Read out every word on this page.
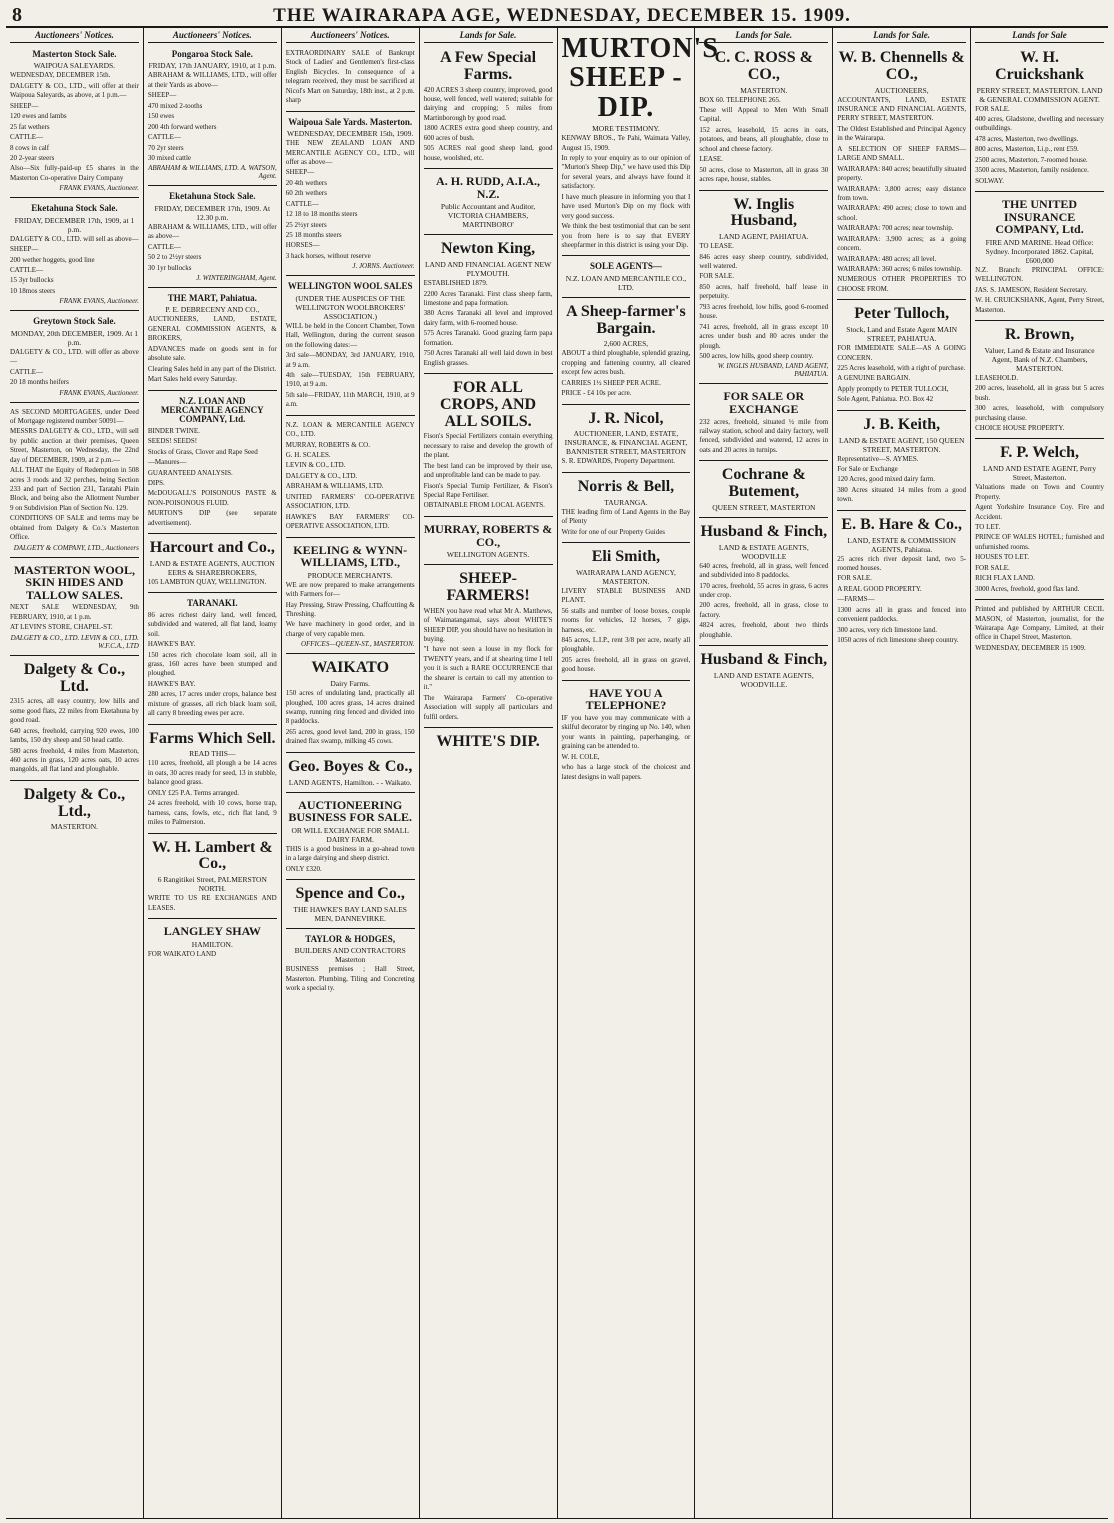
8	THE WAIRARAPA AGE, WEDNESDAY, DECEMBER 15. 1909.
Auctioneers' Notices.
Masterton Stock Sale.
WAIPOUA SALEYARDS.
WEDNESDAY, DECEMBER 15th.
DALGETY & CO., LTD., will offer at their Waipoua Saleyards, as above, at 1 p.m.—
SHEEP—
120 ewes and lambs
25 fat wethers
CATTLE—
8 cows in calf
20 2-year steers
Also—Six fully-paid-up £5 shares in the Masterton Co-operative Dairy Company
FRANK EVANS, Auctioneer.
Eketahuna Stock Sale.
FRIDAY, DECEMBER 17th, 1909, at 1 p.m.
DALGETY & CO., LTD. will sell as above—
SHEEP—
200 wether hoggets, good line
CATTLE—
15 3yr bullocks
10 18mos steers
FRANK EVANS, Auctioneer.
Greytown Stock Sale.
MONDAY, 20th DECEMBER, 1909. At 1 p.m.
DALGETY & CO., LTD. will offer as above—
CATTLE—
20 18 months heifers
FRANK EVANS, Auctioneer.
AS SECOND MORTGAGEES, under Deed of Mortgage registered number 50091—
MESSRS DALGETY & CO., LTD., will sell by public auction at their premises, Queen Street, Masterton, on Wednesday, the 22nd day of DECEMBER, 1909, at 2 p.m.—
ALL THAT the Equity of Redemption in 508 acres 3 roods and 32 perches, being Section 233 and part of Section 231, Taratahi Plain Block, and being also the Allotment Number 9 on Subdivision Plan of Section No. 129.
CONDITIONS OF SALE and terms may be obtained from Dalgety & Co.'s Masterton Office.
DALGETY & COMPANY, LTD., Auctioneers
MASTERTON WOOL, SKIN HIDES AND TALLOW SALES.
NEXT SALE WEDNESDAY, 9th FEBRUARY, 1910, at 1 p.m.
AT LEVIN'S STORE, CHAPEL-ST.
DALGETY & CO., LTD. LEVIN & CO., LTD. W.F.C.A., LTD
Dalgety & Co., Ltd.
2315 acres, all easy country, low hills and some good flats, 22 miles from Eketahuna by good road.
640 acres, freehold, carrying 920 ewes, 100 lambs, 150 dry sheep and 50 head cattle.
580 acres freehold, 4 miles from Masterton, 460 acres in grass, 120 acres oats, 10 acres mangolds, all flat land and ploughable.
Dalgety & Co., Ltd.,
MASTERTON.
Auctioneers' Notices.
Pongaroa Stock Sale.
FRIDAY, 17th JANUARY, 1910, at 1 p.m.
ABRAHAM & WILLIAMS, LTD., will offer at their Yards as above—
SHEEP—
470 mixed 2-tooths
150 ewes
200 4th forward wethers
CATTLE—
70 2yr steers
30 mixed cattle
ABRAHAM & WILLIAMS, LTD. A. WATSON, Agent.
Eketahuna Stock Sale.
FRIDAY, DECEMBER 17th, 1909. At 12.30 p.m.
ABRAHAM & WILLIAMS, LTD., will offer as above—
CATTLE—
50 2 to 2½yr steers
30 1yr bullocks
J. WINTERINGHAM, Agent.
THE MART, Pahiatua.
P. E. DEBRECENY AND CO.,
AUCTIONEERS, LAND, ESTATE, GENERAL COMMISSION AGENTS, & BROKERS,
ADVANCES made on goods sent in for absolute sale.
Clearing Sales held in any part of the District.
Mart Sales held every Saturday.
N.Z. LOAN AND MERCANTILE AGENCY COMPANY, Ltd.
BINDER TWINE.
SEEDS! SEEDS!
Stocks of Grass, Clover and Rape Seed
—Manures—
GUARANTEED ANALYSIS.
DIPS.
McDOUGALL'S POISONOUS PASTE & NON-POISONOUS FLUID.
MURTON'S DIP (see separate advertisement).
Harcourt and Co.,
LAND & ESTATE AGENTS, AUCTION EERS & SHAREBROKERS,
105 LAMBTON QUAY, WELLINGTON.
TARANAKI.
86 acres richest dairy land, well fenced, subdivided and watered, all flat land, loamy soil.
HAWKE'S BAY.
150 acres rich chocolate loam soil, all in grass, 160 acres have been stumped and ploughed.
HAWKE'S BAY.
280 acres, 17 acres under crops, balance best mixture of grasses, all rich black loam soil, all carry 8 breeding ewes per acre.
Farms Which Sell.
READ THIS—
110 acres, freehold, all plough a be 14 acres in oats, 30 acres ready for seed, 13 in stubble, balance good grass.
ONLY £25 P.A. Terms arranged.
24 acres freehold, with 10 cows, horse trap, harness, cans, fowls, etc., rich flat land, 9 miles to Palmerston.
W. H. Lambert & Co.,
6 Rangitikei Street, PALMERSTON NORTH.
WRITE TO US RE EXCHANGES AND LEASES.
LANGLEY SHAW
HAMILTON.
FOR WAIKATO LAND
Auctioneers' Notices.
EXTRAORDINARY SALE of Bankrupt Stock of Ladies' and Gentlemen's first-class English Bicycles. In consequence of a telegram received, they must be sacrificed at Nicol's Mart on Saturday, 18th inst., at 2 p.m. sharp
Waipoua Sale Yards. Masterton.
WEDNESDAY, DECEMBER 15th, 1909.
THE NEW ZEALAND LOAN AND MERCANTILE AGENCY CO., LTD., will offer as above—
SHEEP—
20 4th wethers
60 2th wethers
CATTLE—
12 18 to 18 months steers
25 2½yr steers
25 18 months steers
HORSES—
3 hack horses, without reserve
J. JORNS. Auctioneer.
WELLINGTON WOOL SALES
(UNDER THE AUSPICES OF THE WELLINGTON WOOLBROKERS' ASSOCIATION.)
WILL be held in the Concert Chamber, Town Hall, Wellington, during the current season on the following dates:—
3rd sale—MONDAY, 3rd JANUARY, 1910, at 9 a.m.
4th sale—TUESDAY, 15th FEBRUARY, 1910, at 9 a.m.
5th sale—FRIDAY, 11th MARCH, 1910, at 9 a.m.
N.Z. LOAN & MERCANTILE AGENCY CO., LTD.
MURRAY, ROBERTS & CO.
G. H. SCALES.
LEVIN & CO., LTD.
DALGETY & CO., LTD.
ABRAHAM & WILLIAMS, LTD.
UNITED FARMERS' CO-OPERATIVE ASSOCIATION, LTD.
HAWKE'S BAY FARMERS' CO-OPERATIVE ASSOCIATION, LTD.
KEELING & WYNN-WILLIAMS, LTD.,
PRODUCE MERCHANTS.
WE are now prepared to make arrangements with Farmers for—
Hay Pressing, Straw Pressing, Chaffcutting & Threshing.
We have machinery in good order, and in charge of very capable men.
OFFICES—QUEEN-ST., MASTERTON.
WAIKATO
Dairy Farms.
150 acres of undulating land, practically all ploughed, 100 acres grass, 14 acres drained swamp, running ring fenced and divided into 8 paddocks.
265 acres, good level land, 200 in grass, 150 drained flax swamp, milking 45 cows.
Geo. Boyes & Co.,
LAND AGENTS, Hamilton. - - Waikato.
AUCTIONEERING BUSINESS FOR SALE.
OR WILL EXCHANGE FOR SMALL DAIRY FARM.
THIS is a good business in a go-ahead town in a large dairying and sheep district.
ONLY £320.
Spence and Co.,
THE HAWKE'S BAY LAND SALES MEN, DANNEVIRKE.
TAYLOR & HODGES,
BUILDERS AND CONTRACTORS Masterton
BUSINESS premises ; Hall Street, Masterton. Plumbing, Tiling and Concreting work a special ty.
Lands for Sale.
A Few Special Farms.
420 ACRES 3 sheep country, improved, good house, well fenced, well watered; suitable for dairying and cropping; 5 miles from Martinborough by good road.
1800 ACRES extra good sheep country, and 600 acres of bush.
505 ACRES real good sheep land, good house, woolshed, etc.
A. H. RUDD, A.I.A., N.Z.
Public Accountant and Auditor, VICTORIA CHAMBERS, MARTINBORO'
Newton King,
LAND AND FINANCIAL AGENT NEW PLYMOUTH.
ESTABLISHED 1879.
2200 Acres Taranaki. First class sheep farm, limestone and papa formation.
380 Acres Taranaki all level and improved dairy farm, with 6-roomed house.
575 Acres Taranaki. Good grazing farm papa formation.
750 Acres Taranaki all well laid down in best English grasses.
FOR ALL CROPS, AND ALL SOILS.
Fison's Special Fertilizers contain everything necessary to raise and develop the growth of the plant.
The best land can be improved by their use, and unprofitable land can be made to pay.
Fison's Special Turnip Fertilizer, & Fison's Special Rape Fertiliser.
OBTAINABLE FROM LOCAL AGENTS.
MURRAY, ROBERTS & CO.,
WELLINGTON AGENTS.
SHEEP-FARMERS!
WHEN you have read what Mr A. Matthews, of Waimatangamai, says about WHITE'S SHEEP DIP, you should have no hesitation in buying.
"I have not seen a louse in my flock for TWENTY years, and if at shearing time I tell you it is such a RARE OCCURRENCE that the shearer is certain to call my attention to it."
The Wairarapa Farmers' Co-operative Association will supply all particulars and fulfil orders.
WHITE'S DIP.
MURTON'S SHEEP - DIP.
MORE TESTIMONY.
KENWAY BROS., Te Pahi, Waimata Valley, August 15, 1909.
In reply to your enquiry as to our opinion of "Murton's Sheep Dip," we have used this Dip for several years, and always have found it satisfactory.
I have much pleasure in informing you that I have used Murton's Dip on my flock with very good success.
We think the best testimonial that can be sent you from here is to say that EVERY sheepfarmer in this district is using your Dip.
SOLE AGENTS—
N.Z. LOAN AND MERCANTILE CO., LTD.
A Sheep-farmer's Bargain.
2,600 ACRES,
ABOUT a third ploughable, splendid grazing, cropping and fattening country, all cleared except few acres bush.
CARRIES 1½ SHEEP PER ACRE.
PRICE - £4 10s per acre.
J. R. Nicol,
AUCTIONEER, LAND, ESTATE, INSURANCE, & FINANCIAL AGENT, BANNISTER STREET, MASTERTON
S. R. EDWARDS, Property Department.
Norris & Bell,
TAURANGA.
THE leading firm of Land Agents in the Bay of Plenty
Write for one of our Property Guides
Eli Smith,
WAIRARAPA LAND AGENCY, MASTERTON.
LIVERY STABLE BUSINESS AND PLANT.
56 stalls and number of loose boxes, couple rooms for vehicles, 12 horses, 7 gigs, harness, etc.
845 acres, L.I.P., rent 3/8 per acre, nearly all ploughable.
205 acres freehold, all in grass on gravel, good house.
HAVE YOU A TELEPHONE?
IF you have you may communicate with a skilful decorator by ringing up No. 140, when your wants in painting, paperhanging, or graining can be attended to.
W. H. COLE,
who has a large stock of the choicest and latest designs in wall papers.
Lands for Sale.
C. C. ROSS & CO.,
MASTERTON.
BOX 60. TELEPHONE 265.
These will Appeal to Men With Small Capital.
152 acres, leasehold, 15 acres in oats, potatoes, and beans, all ploughable, close to school and cheese factory.
LEASE.
50 acres, close to Masterton, all in grass 30 acres rape, house, stables.
W. Inglis Husband,
LAND AGENT, PAHIATUA.
TO LEASE.
846 acres easy sheep country, subdivided, well watered.
FOR SALE.
850 acres, half freehold, half lease in perpetuity.
793 acres freehold, low hills, good 6-roomed house.
741 acres, freehold, all in grass except 10 acres under bush and 80 acres under the plough.
500 acres, low hills, good sheep country.
W. INGLIS HUSBAND, LAND AGENT, PAHIATUA.
FOR SALE OR EXCHANGE
232 acres, freehold, situated ½ mile from railway station, school and dairy factory, well fenced, subdivided and watered, 12 acres in oats and 20 acres in turnips.
Cochrane & Butement,
QUEEN STREET, MASTERTON
Husband & Finch,
LAND & ESTATE AGENTS, WOODVILLE
640 acres, freehold, all in grass, well fenced and subdivided into 8 paddocks.
170 acres, freehold, 55 acres in grass, 6 acres under crop.
200 acres, freehold, all in grass, close to factory.
4824 acres, freehold, about two thirds ploughable.
Husband & Finch,
LAND AND ESTATE AGENTS, WOODVILLE.
Lands for Sale.
W. B. Chennells & CO.,
AUCTIONEERS,
ACCOUNTANTS, LAND, ESTATE INSURANCE AND FINANCIAL AGENTS, PERRY STREET, MASTERTON.
The Oldest Established and Principal Agency in the Wairarapa.
A SELECTION OF SHEEP FARMS—LARGE AND SMALL.
WAIRARAPA: 840 acres; beautifully situated property.
WAIRARAPA: 3,800 acres; easy distance from town.
WAIRARAPA: 490 acres; close to town and school.
WAIRARAPA: 700 acres; near township.
WAIRARAPA: 3,900 acres; as a going concern.
WAIRARAPA: 480 acres; all level.
WAIRARAPA: 360 acres; 6 miles township.
NUMEROUS OTHER PROPERTIES TO CHOOSE FROM.
Peter Tulloch,
Stock, Land and Estate Agent MAIN STREET, PAHIATUA.
FOR IMMEDIATE SALE—AS A GOING CONCERN.
225 Acres leasehold, with a right of purchase.
A GENUINE BARGAIN.
Apply promptly to PETER TULLOCH,
Sole Agent, Pahiatua. P.O. Box 42
J. B. Keith,
LAND & ESTATE AGENT, 150 QUEEN STREET, MASTERTON.
Representative—S. AYMES.
For Sale or Exchange
120 Acres, good mixed dairy farm.
380 Acres situated 14 miles from a good town.
E. B. Hare & Co.,
LAND, ESTATE & COMMISSION AGENTS, Pahiatua.
25 acres rich river deposit land, two 5-roomed houses.
FOR SALE.
A REAL GOOD PROPERTY.
—FARMS—
1300 acres all in grass and fenced into convenient paddocks.
300 acres, very rich limestone land.
1050 acres of rich limestone sheep country.
Lands for Sale
W. H. Cruickshank
PERRY STREET, MASTERTON. LAND & GENERAL COMMISSION AGENT.
FOR SALE.
400 acres, Gladstone, dwelling and necessary outbuildings.
478 acres, Masterton, two dwellings.
800 acres, Masterton, Li.p., rent £59.
2500 acres, Masterton, 7-roomed house.
3500 acres, Masterton, family residence.
SOLWAY.
THE UNITED INSURANCE COMPANY, Ltd.
FIRE AND MARINE. Head Office: Sydney. Incorporated 1862. Capital, £600,000
N.Z. Branch: PRINCIPAL OFFICE: WELLINGTON.
JAS. S. JAMESON, Resident Secretary.
W. H. CRUICKSHANK, Agent, Perry Street, Masterton.
R. Brown,
Valuer, Land & Estate and Insurance Agent, Bank of N.Z. Chambers, MASTERTON.
LEASEHOLD.
200 acres, leasehold, all in grass but 5 acres bush.
300 acres, leasehold, with compulsory purchasing clause.
CHOICE HOUSE PROPERTY.
F. P. Welch,
LAND AND ESTATE AGENT, Perry Street, Masterton.
Valuations made on Town and Country Property.
Agent Yorkshire Insurance Coy. Fire and Accident.
TO LET.
PRINCE OF WALES HOTEL; furnished and unfurnished rooms.
HOUSES TO LET.
FOR SALE.
RICH FLAX LAND.
3000 Acres, freehold, good flax land.
Printed and published by ARTHUR CECIL MASON, of Masterton, journalist, for the Wairarapa Age Company, Limited, at their office in Chapel Street, Masterton.
WEDNESDAY, DECEMBER 15 1909.
